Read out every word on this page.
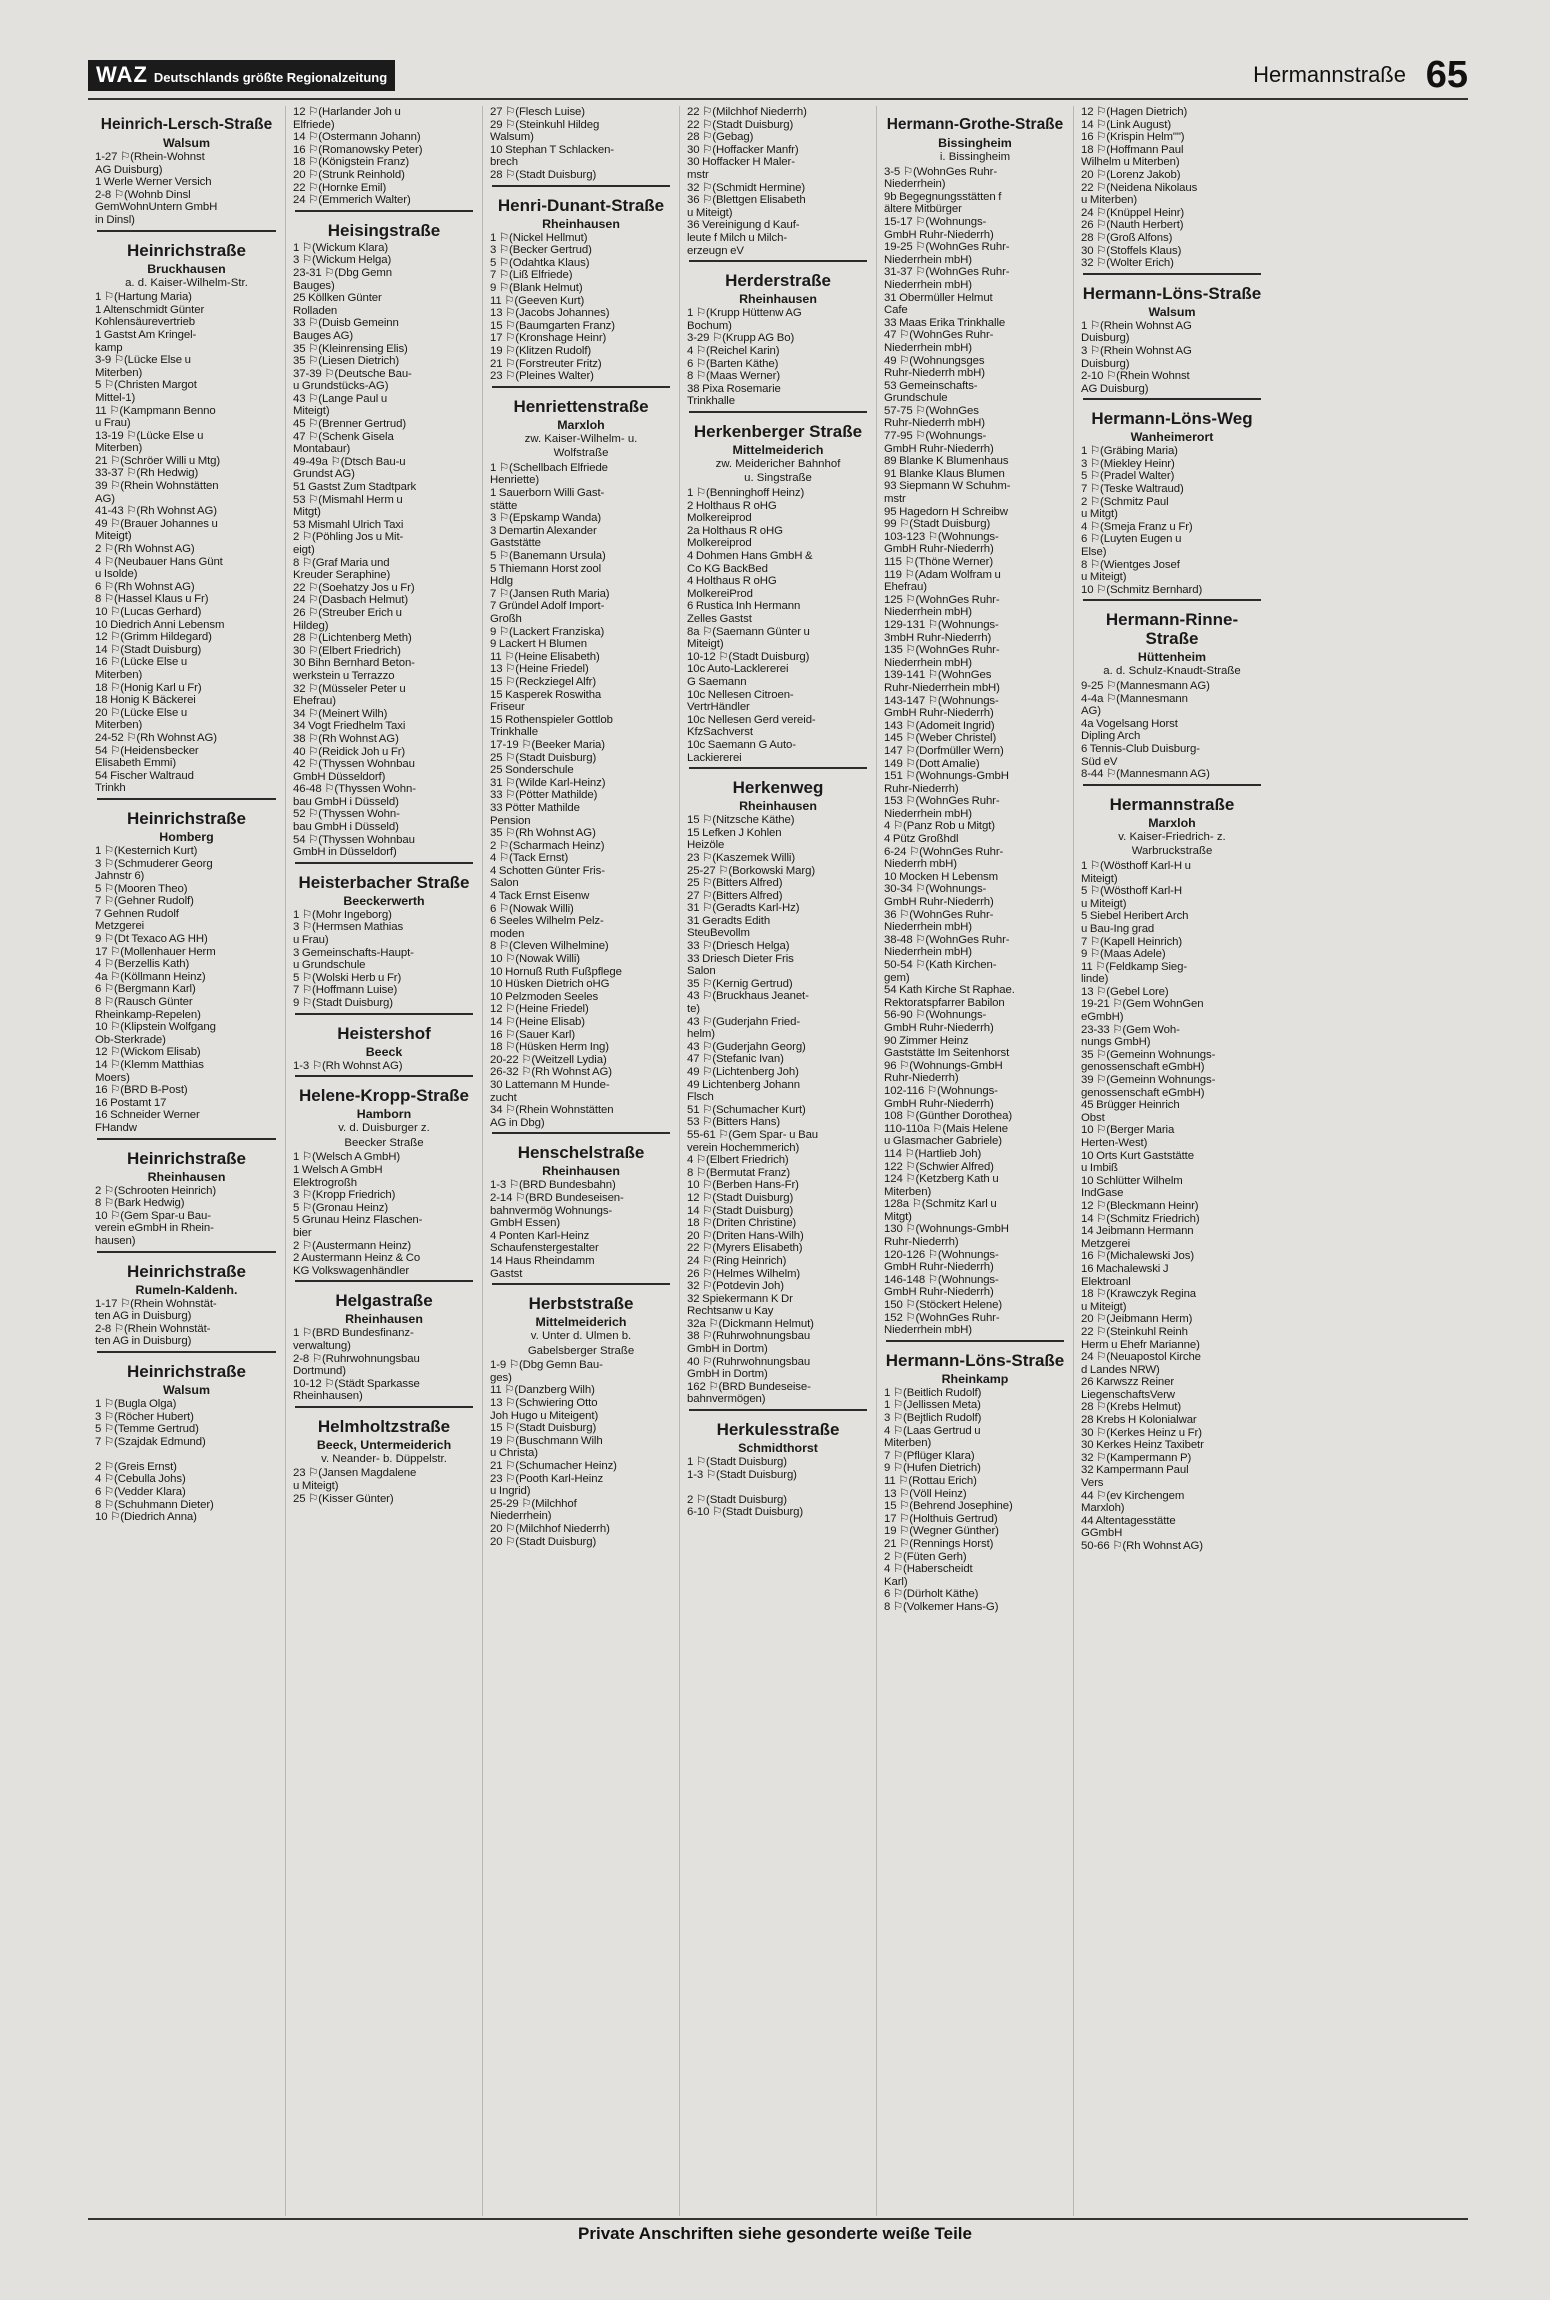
WAZ Deutschlands größte Regionalzeitung	Hermannstraße 65
Heinrich-Lersch-Straße
Walsum
1-27 ⚐(Rhein-Wohnst
AG Duisburg)
1 Werle Werner Versich
2-8 ⚐(Wohnb Dinsl
GemWohnUntern GmbH
in Dinsl)
Heinrichstraße
Bruckhausen
a. d. Kaiser-Wilhelm-Str.
1 ⚐(Hartung Maria)
1 Altenschmidt Günter
Kohlensäurevertrieb
1 Gastst Am Kringel-
kamp
3-9 ⚐(Lücke Else u
Miterben)
5 ⚐(Christen Margot
Mittel-1)
11 ⚐(Kampmann Benno
u Frau)
13-19 ⚐(Lücke Else u
Miterben)
21 ⚐(Schröer Willi u Mtg)
33-37 ⚐(Rh Hedwig)
39 ⚐(Rhein Wohnstätten
AG)
41-43 ⚐(Rh Wohnst AG)
49 ⚐(Brauer Johannes u
Miteigt)
2 ⚐(Rh Wohnst AG)
4 ⚐(Neubauer Hans Günt
u Isolde)
6 ⚐(Rh Wohnst AG)
8 ⚐(Hassel Klaus u Fr)
10 ⚐(Lucas Gerhard)
10 Diedrich Anni Lebensm
12 ⚐(Grimm Hildegard)
14 ⚐(Stadt Duisburg)
16 ⚐(Lücke Else u
Miterben)
18 ⚐(Honig Karl u Fr)
18 Honig K Bäckerei
20 ⚐(Lücke Else u
Miterben)
24-52 ⚐(Rh Wohnst AG)
54 ⚐(Heidensbecker
Elisabeth Emmi)
54 Fischer Waltraud
Trinkh
Heinrichstraße
Homberg
1 ⚐(Kesternich Kurt)
3 ⚐(Schmuderer Georg
Jahnstr 6)
5 ⚐(Mooren Theo)
7 ⚐(Gehner Rudolf)
7 Gehnen Rudolf
Metzgerei
9 ⚐(Dt Texaco AG HH)
17 ⚐(Mollenhauer Herm
4 ⚐(Berzellis Kath)
4a ⚐(Köllmann Heinz)
6 ⚐(Bergmann Karl)
8 ⚐(Rausch Günter
Rheinkamp-Repelen)
10 ⚐(Klipstein Wolfgang
Ob-Sterkrade)
12 ⚐(Wickom Elisab)
14 ⚐(Klemm Matthias
Moers)
16 ⚐(BRD B-Post)
16 Postamt 17
16 Schneider Werner
FHandw
Heinrichstraße
Rheinhausen
2 ⚐(Schrooten Heinrich)
8 ⚐(Bark Hedwig)
10 ⚐(Gem Spar-u Bau-
verein eGmbH in Rhein-
hausen)
Heinrichstraße
Rumeln-Kaldenh.
1-17 ⚐(Rhein Wohnstät-
ten AG in Duisburg)
2-8 ⚐(Rhein Wohnstät-
ten AG in Duisburg)
Heinrichstraße
Walsum
1 ⚐(Bugla Olga)
3 ⚐(Röcher Hubert)
5 ⚐(Temme Gertrud)
7 ⚐(Szajdak Edmund)

2 ⚐(Greis Ernst)
4 ⚐(Cebulla Johs)
6 ⚐(Vedder Klara)
8 ⚐(Schuhmann Dieter)
10 ⚐(Diedrich Anna)
12 ⚐(Harlander Joh u
Elfriede)
14 ⚐(Ostermann Johann)
16 ⚐(Romanowsky Peter)
18 ⚐(Königstein Franz)
20 ⚐(Strunk Reinhold)
22 ⚐(Hornke Emil)
24 ⚐(Emmerich Walter)
Heisingstraße
1 ⚐(Wickum Klara)
3 ⚐(Wickum Helga)
23-31 ⚐(Dbg Gemn
Bauges)
25 Köllken Günter
Rolladen
33 ⚐(Duisb Gemeinn
Bauges AG)
35 ⚐(Kleinrensing Elis)
35 ⚐(Liesen Dietrich)
37-39 ⚐(Deutsche Bau-
u Grundstücks-AG)
43 ⚐(Lange Paul u
Miteigt)
45 ⚐(Brenner Gertrud)
47 ⚐(Schenk Gisela
Montabaur)
49-49a ⚐(Dtsch Bau-u
Grundst AG)
51 Gastst Zum Stadtpark
53 ⚐(Mismahl Herm u
Mitgt)
53 Mismahl Ulrich Taxi
2 ⚐(Pöhling Jos u Mit-
eigt)
8 ⚐(Graf Maria und
Kreuder Seraphine)
22 ⚐(Soehatzy Jos u Fr)
24 ⚐(Dasbach Helmut)
26 ⚐(Streuber Erich u
Hildeg)
28 ⚐(Lichtenberg Meth)
30 ⚐(Elbert Friedrich)
30 Bihn Bernhard Beton-
werkstein u Terrazzo
32 ⚐(Müsseler Peter u
Ehefrau)
34 ⚐(Meinert Wilh)
34 Vogt Friedhelm Taxi
38 ⚐(Rh Wohnst AG)
40 ⚐(Reidick Joh u Fr)
42 ⚐(Thyssen Wohnbau
GmbH Düsseldorf)
46-48 ⚐(Thyssen Wohn-
bau GmbH i Düsseld)
52 ⚐(Thyssen Wohn-
bau GmbH i Düsseld)
54 ⚐(Thyssen Wohnbau
GmbH in Düsseldorf)
Heisterbacher Straße
Beeckerwerth
1 ⚐(Mohr Ingeborg)
3 ⚐(Hermsen Mathias
u Frau)
3 Gemeinschafts-Haupt-
u Grundschule
5 ⚐(Wolski Herb u Fr)
7 ⚐(Hoffmann Luise)
9 ⚐(Stadt Duisburg)
Heistershof
Beeck
1-3 ⚐(Rh Wohnst AG)
Helene-Kropp-Straße
Hamborn
v. d. Duisburger z.
Beecker Straße
1 ⚐(Welsch A GmbH)
1 Welsch A GmbH
Elektrogroßh
3 ⚐(Kropp Friedrich)
5 ⚐(Gronau Heinz)
5 Grunau Heinz Flaschen-
bier
2 ⚐(Austermann Heinz)
2 Austermann Heinz & Co
KG Volkswagenhändler
Helgastraße
Rheinhausen
1 ⚐(BRD Bundesfinanz-
verwaltung)
2-8 ⚐(Ruhrwohnungsbau
Dortmund)
10-12 ⚐(Städt Sparkasse
Rheinhausen)
Helmholtzstraße
Beeck, Untermeiderich
v. Neander- b. Düppelstr.
23 ⚐(Jansen Magdalene
u Miteigt)
25 ⚐(Kisser Günter)
27 ⚐(Flesch Luise)
29 ⚐(Steinkuhl Hildeg
Walsum)
10 Stephan T Schlacken-
brech
28 ⚐(Stadt Duisburg)
Henri-Dunant-Straße
Rheinhausen
1 ⚐(Nickel Hellmut)
3 ⚐(Becker Gertrud)
5 ⚐(Odahtka Klaus)
7 ⚐(Liß Elfriede)
9 ⚐(Blank Helmut)
11 ⚐(Geeven Kurt)
13 ⚐(Jacobs Johannes)
15 ⚐(Baumgarten Franz)
17 ⚐(Kronshage Heinr)
19 ⚐(Klitzen Rudolf)
21 ⚐(Forstreuter Fritz)
23 ⚐(Pleines Walter)
Henriettenstraße
Marxloh
zw. Kaiser-Wilhelm- u.
Wolfstraße
1 ⚐(Schellbach Elfriede
Henriette)
1 Sauerborn Willi Gast-
stätte
3 ⚐(Epskamp Wanda)
3 Demartin Alexander
Gaststätte
5 ⚐(Banemann Ursula)
5 Thiemann Horst zool
Hdlg
7 ⚐(Jansen Ruth Maria)
7 Gründel Adolf Import-
Großh
9 ⚐(Lackert Franziska)
9 Lackert H Blumen
11 ⚐(Heine Elisabeth)
13 ⚐(Heine Friedel)
15 ⚐(Reckziegel Alfr)
15 Kasperek Roswitha
Friseur
15 Rothenspieler Gottlob
Trinkhalle
17-19 ⚐(Beeker Maria)
25 ⚐(Stadt Duisburg)
25 Sonderschule
31 ⚐(Wilde Karl-Heinz)
33 ⚐(Pötter Mathilde)
33 Pötter Mathilde
Pension
35 ⚐(Rh Wohnst AG)
2 ⚐(Scharmach Heinz)
4 ⚐(Tack Ernst)
4 Schotten Günter Fris-
Salon
4 Tack Ernst Eisenw
6 ⚐(Nowak Willi)
6 Seeles Wilhelm Pelz-
moden
8 ⚐(Cleven Wilhelmine)
10 ⚐(Nowak Willi)
10 Hornuß Ruth Fußpflege
10 Hüsken Dietrich oHG
10 Pelzmoden Seeles
12 ⚐(Heine Friedel)
14 ⚐(Heine Elisab)
16 ⚐(Sauer Karl)
18 ⚐(Hüsken Herm Ing)
20-22 ⚐(Weitzell Lydia)
26-32 ⚐(Rh Wohnst AG)
30 Lattemann M Hunde-
zucht
34 ⚐(Rhein Wohnstätten
AG in Dbg)
Henschelstraße
Rheinhausen
1-3 ⚐(BRD Bundesbahn)
2-14 ⚐(BRD Bundeseisen-
bahnvermög Wohnungs-
GmbH Essen)
4 Ponten Karl-Heinz
Schaufenstergestalter
14 Haus Rheindamm
Gastst
Herbststraße
Mittelmeiderich
v. Unter d. Ulmen b.
Gabelsberger Straße
1-9 ⚐(Dbg Gemn Bau-
ges)
11 ⚐(Danzberg Wilh)
13 ⚐(Schwiering Otto
Joh Hugo u Miteigent)
15 ⚐(Stadt Duisburg)
19 ⚐(Buschmann Wilh
u Christa)
21 ⚐(Schumacher Heinz)
23 ⚐(Pooth Karl-Heinz
u Ingrid)
25-29 ⚐(Milchhof
Niederrhein)
20 ⚐(Milchhof Niederrh)
20 ⚐(Stadt Duisburg)
22 ⚐(Milchhof Niederrh)
22 ⚐(Stadt Duisburg)
28 ⚐(Gebag)
30 ⚐(Hoffacker Manfr)
30 Hoffacker H Maler-
mstr
32 ⚐(Schmidt Hermine)
36 ⚐(Blettgen Elisabeth
u Miteigt)
36 Vereinigung d Kauf-
leute f Milch u Milch-
erzeugn eV
Herderstraße
Rheinhausen
1 ⚐(Krupp Hüttenw AG
Bochum)
3-29 ⚐(Krupp AG Bo)
4 ⚐(Reichel Karin)
6 ⚐(Barten Käthe)
8 ⚐(Maas Werner)
38 Pixa Rosemarie
Trinkhalle
Herkenberger Straße
Mittelmeiderich
zw. Meidericher Bahnhof
u. Singstraße
1 ⚐(Benninghoff Heinz)
2 Holthaus R oHG
Molkereiprod
2a Holthaus R oHG
Molkereiprod
4 Dohmen Hans GmbH &
Co KG BackBed
4 Holthaus R oHG
MolkereiProd
6 Rustica Inh Hermann
Zelles Gastst
8a ⚐(Saemann Günter u
Miteigt)
10-12 ⚐(Stadt Duisburg)
10c Auto-Lacklererei
G Saemann
10c Nellesen Citroen-
VertrHändler
10c Nellesen Gerd vereid-
KfzSachverst
10c Saemann G Auto-
Lackiererei
Herkenweg
Rheinhausen
15 ⚐(Nitzsche Käthe)
15 Lefken J Kohlen
Heizöle
23 ⚐(Kaszemek Willi)
25-27 ⚐(Borkowski Marg)
25 ⚐(Bitters Alfred)
27 ⚐(Bitters Alfred)
31 ⚐(Geradts Karl-Hz)
31 Geradts Edith
SteuBevollm
33 ⚐(Driesch Helga)
33 Driesch Dieter Fris
Salon
35 ⚐(Kernig Gertrud)
43 ⚐(Bruckhaus Jeanet-
te)
43 ⚐(Guderjahn Fried-
helm)
43 ⚐(Guderjahn Georg)
47 ⚐(Stefanic Ivan)
49 ⚐(Lichtenberg Joh)
49 Lichtenberg Johann
Flsch
51 ⚐(Schumacher Kurt)
53 ⚐(Bitters Hans)
55-61 ⚐(Gem Spar- u Bau
verein Hochemmerich)
4 ⚐(Elbert Friedrich)
8 ⚐(Bermutat Franz)
10 ⚐(Berben Hans-Fr)
12 ⚐(Stadt Duisburg)
14 ⚐(Stadt Duisburg)
18 ⚐(Driten Christine)
20 ⚐(Driten Hans-Wilh)
22 ⚐(Myrers Elisabeth)
24 ⚐(Ring Heinrich)
26 ⚐(Helmes Wilhelm)
32 ⚐(Potdevin Joh)
32 Spiekermann K Dr
Rechtsanw u Kay
32a ⚐(Dickmann Helmut)
38 ⚐(Ruhrwohnungsbau
GmbH in Dortm)
40 ⚐(Ruhrwohnungsbau
GmbH in Dortm)
162 ⚐(BRD Bundeseise-
bahnvermögen)
Herkulesstraße
Schmidthorst
1 ⚐(Stadt Duisburg)
1-3 ⚐(Stadt Duisburg)

2 ⚐(Stadt Duisburg)
6-10 ⚐(Stadt Duisburg)
Hermann-Grothe-Straße
Bissingheim
i. Bissingheim
3-5 ⚐(WohnGes Ruhr-
Niederrhein)
9b Begegnungsstätten f
ältere Mitbürger
15-17 ⚐(Wohnungs-
GmbH Ruhr-Niederrh)
19-25 ⚐(WohnGes Ruhr-
Niederrhein mbH)
31-37 ⚐(WohnGes Ruhr-
Niederrhein mbH)
31 Obermüller Helmut
Cafe
33 Maas Erika Trinkhalle
47 ⚐(WohnGes Ruhr-
Niederrhein mbH)
49 ⚐(Wohnungsges
Ruhr-Niederrh mbH)
53 Gemeinschafts-
Grundschule
57-75 ⚐(WohnGes
Ruhr-Niederrh mbH)
77-95 ⚐(Wohnungs-
GmbH Ruhr-Niederrh)
89 Blanke K Blumenhaus
91 Blanke Klaus Blumen
93 Siepmann W Schuhm-
mstr
95 Hagedorn H Schreibw
99 ⚐(Stadt Duisburg)
103-123 ⚐(Wohnungs-
GmbH Ruhr-Niederrh)
115 ⚐(Thöne Werner)
119 ⚐(Adam Wolfram u
Ehefrau)
125 ⚐(WohnGes Ruhr-
Niederrhein mbH)
129-131 ⚐(Wohnungs-
3mbH Ruhr-Niederrh)
135 ⚐(WohnGes Ruhr-
Niederrhein mbH)
139-141 ⚐(WohnGes
Ruhr-Niederrhein mbH)
143-147 ⚐(Wohnungs-
GmbH Ruhr-Niederrh)
143 ⚐(Adomeit Ingrid)
145 ⚐(Weber Christel)
147 ⚐(Dorfmüller Wern)
149 ⚐(Dott Amalie)
151 ⚐(Wohnungs-GmbH
Ruhr-Niederrh)
153 ⚐(WohnGes Ruhr-
Niederrhein mbH)
4 ⚐(Panz Rob u Mitgt)
4 Pütz Großhdl
6-24 ⚐(WohnGes Ruhr-
Niederrh mbH)
10 Mocken H Lebensm
30-34 ⚐(Wohnungs-
GmbH Ruhr-Niederrh)
36 ⚐(WohnGes Ruhr-
Niederrhein mbH)
38-48 ⚐(WohnGes Ruhr-
Niederrhein mbH)
50-54 ⚐(Kath Kirchen-
gem)
54 Kath Kirche St Raphae.
Rektoratspfarrer Babilon
56-90 ⚐(Wohnungs-
GmbH Ruhr-Niederrh)
90 Zimmer Heinz
Gaststätte Im Seitenhorst
96 ⚐(Wohnungs-GmbH
Ruhr-Niederrh)
102-116 ⚐(Wohnungs-
GmbH Ruhr-Niederrh)
108 ⚐(Günther Dorothea)
110-110a ⚐(Mais Helene
u Glasmacher Gabriele)
114 ⚐(Hartlieb Joh)
122 ⚐(Schwier Alfred)
124 ⚐(Ketzberg Kath u
Miterben)
128a ⚐(Schmitz Karl u
Mitgt)
130 ⚐(Wohnungs-GmbH
Ruhr-Niederrh)
120-126 ⚐(Wohnungs-
GmbH Ruhr-Niederrh)
146-148 ⚐(Wohnungs-
GmbH Ruhr-Niederrh)
150 ⚐(Stöckert Helene)
152 ⚐(WohnGes Ruhr-
Niederrhein mbH)
Hermann-Löns-Straße
Rheinkamp
1 ⚐(Beitlich Rudolf)
1 ⚐(Jellissen Meta)
3 ⚐(Bejtlich Rudolf)
4 ⚐(Laas Gertrud u
Miterben)
7 ⚐(Pflüger Klara)
9 ⚐(Hufen Dietrich)
11 ⚐(Rottau Erich)
13 ⚐(Völl Heinz)
15 ⚐(Behrend Josephine)
17 ⚐(Holthuis Gertrud)
19 ⚐(Wegner Günther)
21 ⚐(Rennings Horst)
2 ⚐(Füten Gerh)
4 ⚐(Haberscheidt
Karl)
6 ⚐(Dürholt Käthe)
8 ⚐(Volkemer Hans-G)
12 ⚐(Hagen Dietrich)
14 ⚐(Link August)
16 ⚐(Krispin Helm"")
18 ⚐(Hoffmann Paul
Wilhelm u Miterben)
20 ⚐(Lorenz Jakob)
22 ⚐(Neidena Nikolaus
u Miterben)
24 ⚐(Knüppel Heinr)
26 ⚐(Nauth Herbert)
28 ⚐(Groß Alfons)
30 ⚐(Stoffels Klaus)
32 ⚐(Wolter Erich)
Hermann-Löns-Straße
Walsum
1 ⚐(Rhein Wohnst AG
Duisburg)
3 ⚐(Rhein Wohnst AG
Duisburg)
2-10 ⚐(Rhein Wohnst
AG Duisburg)
Hermann-Löns-Weg
Wanheimerort
1 ⚐(Gräbing Maria)
3 ⚐(Miekley Heinr)
5 ⚐(Pradel Walter)
7 ⚐(Teske Waltraud)
2 ⚐(Schmitz Paul
u Mitgt)
4 ⚐(Smeja Franz u Fr)
6 ⚐(Luyten Eugen u
Else)
8 ⚐(Wientges Josef
u Miteigt)
10 ⚐(Schmitz Bernhard)
Hermann-Rinne-Straße
Hüttenheim
a. d. Schulz-Knaudt-Straße
9-25 ⚐(Mannesmann AG)
4-4a ⚐(Mannesmann
AG)
4a Vogelsang Horst
Dipling Arch
6 Tennis-Club Duisburg-
Süd eV
8-44 ⚐(Mannesmann AG)
Hermannstraße
Marxloh
v. Kaiser-Friedrich- z.
Warbruckstraße
1 ⚐(Wösthoff Karl-H u
Miteigt)
5 ⚐(Wösthoff Karl-H
u Miteigt)
5 Siebel Heribert Arch
u Bau-Ing grad
7 ⚐(Kapell Heinrich)
9 ⚐(Maas Adele)
11 ⚐(Feldkamp Sieg-
linde)
13 ⚐(Gebel Lore)
19-21 ⚐(Gem WohnGen
eGmbH)
23-33 ⚐(Gem Woh-
nungs GmbH)
35 ⚐(Gemeinn Wohnungs-
genossenschaft eGmbH)
39 ⚐(Gemeinn Wohnungs-
genossenschaft eGmbH)
45 Brügger Heinrich
Obst
10 ⚐(Berger Maria
Herten-West)
10 Orts Kurt Gaststätte
u Imbiß
10 Schlütter Wilhelm
IndGase
12 ⚐(Bleckmann Heinr)
14 ⚐(Schmitz Friedrich)
14 Jeibmann Hermann
Metzgerei
16 ⚐(Michalewski Jos)
16 Machalewski J
Elektroanl
18 ⚐(Krawczyk Regina
u Miteigt)
20 ⚐(Jeibmann Herm)
22 ⚐(Steinkuhl Reinh
Herm u Ehefr Marianne)
24 ⚐(Neuapostol Kirche
d Landes NRW)
26 Karwszz Reiner
LiegenschaftsVerw
28 ⚐(Krebs Helmut)
28 Krebs H Kolonialwar
30 ⚐(Kerkes Heinz u Fr)
30 Kerkes Heinz Taxibetr
32 ⚐(Kampermann P)
32 Kampermann Paul
Vers
44 ⚐(ev Kirchengem
Marxloh)
44 Altentagesstätte
GGmbH
50-66 ⚐(Rh Wohnst AG)
Private Anschriften siehe gesonderte weiße Teile
